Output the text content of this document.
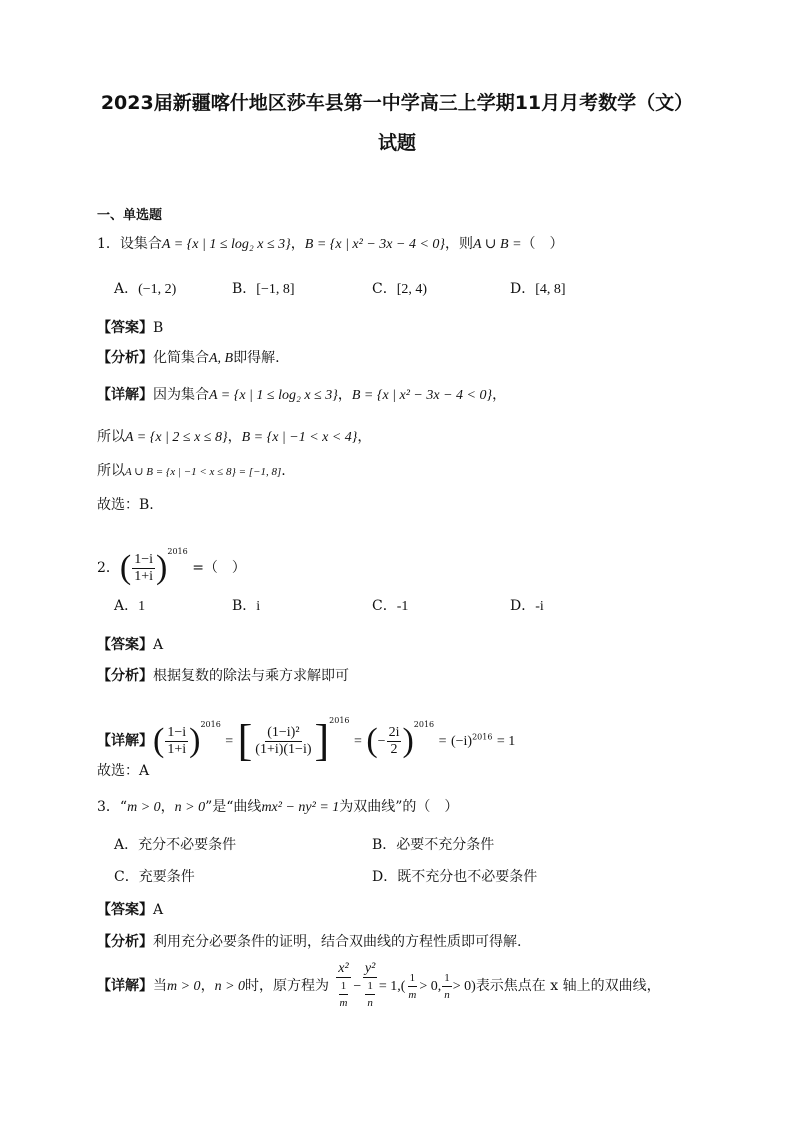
2023届新疆喀什地区莎车县第一中学高三上学期11月月考数学（文）
试题
一、单选题
1．设集合A = {x | 1 ≤ log₂ x ≤ 3}，B = {x | x² − 3x − 4 < 0}，则A ∪ B =（　）
A．(−1, 2)	B．[−1, 8]	C．[2, 4)	D．[4, 8]
【答案】B
【分析】化简集合A, B即得解.
【详解】因为集合A = {x | 1 ≤ log₂ x ≤ 3}，B = {x | x² − 3x − 4 < 0}，
所以A = {x | 2 ≤ x ≤ 8}，B = {x | −1 < x < 4}，
所以A ∪ B = {x | −1 < x ≤ 8} = [−1, 8].
故选：B.
2．( $\frac{1-i}{1+i} )^{2016}$ =（　）
A．1	B．i	C．-1	D．-i
【答案】A
【分析】根据复数的除法与乘方求解即可
【详解】( $\frac{1-i}{1+i} )^{2016}$ = [ $\frac{\text{(1−i)²}}{(1+i)(1-i)} ]^{2016}$ = (− $\frac{2i}{2} )^{2016} = (-i)^{2016} = 1$
故选：A
3．“m > 0，n > 0”是“曲线mx² − ny² = 1为双曲线”的（　）
A．充分不必要条件	B．必要不充分条件
C．充要条件	D．既不充分也不必要条件
【答案】A
【分析】利用充分必要条件的证明，结合双曲线的方程性质即可得解.
【详解】当m > 0，n > 0时，原方程为 $\frac{\text{x²}}{\frac{1}{m}} - \frac{\text{y²}}{\frac{1}{n}} = 1,( \frac{1}{m} > 0$, $\frac{1}{n} > 0$)表示焦点在 x 轴上的双曲线，
